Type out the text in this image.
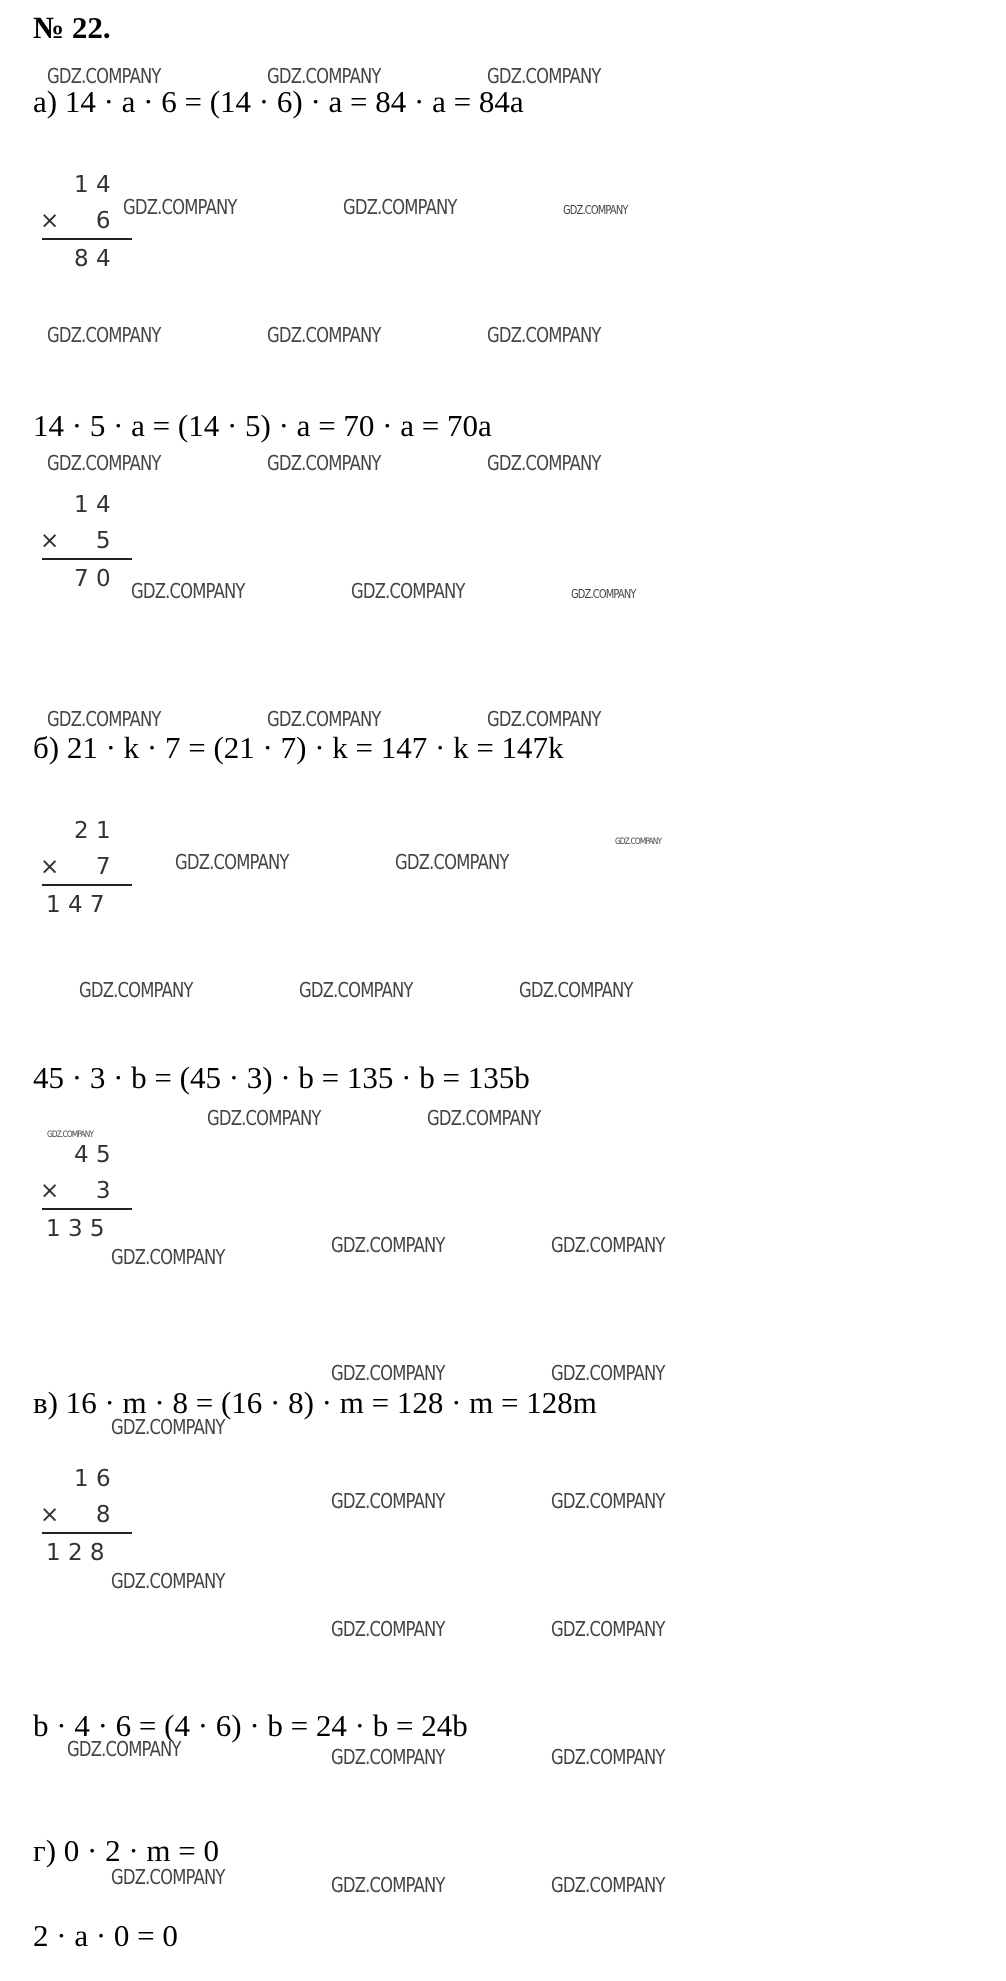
№ 22.
а) 14 · а · 6 = (14 · 6) · а = 84 · а = 84а
14 · 5 · а = (14 · 5) · а = 70 · а = 70а
б) 21 · k · 7 = (21 · 7) · k = 147 · k = 147k
45 · 3 · b = (45 · 3) · b = 135 · b = 135b
в) 16 · m · 8 = (16 · 8) · m = 128 · m = 128m
b · 4 · 6 = (4 · 6) · b = 24 · b = 24b
г) 0 · 2 · m = 0
2 · а · 0 = 0
1 4
×     6
8 4
1 4
×     5
7 0
2 1
×     7
1 4 7
4 5
×     3
1 3 5
1 6
×     8
1 2 8
GDZ.COMPANY	GDZ.COMPANY	GDZ.COMPANY
GDZ.COMPANY	GDZ.COMPANY	GDZ.COMPANY
GDZ.COMPANY	GDZ.COMPANY	GDZ.COMPANY
GDZ.COMPANY	GDZ.COMPANY	GDZ.COMPANY
GDZ.COMPANY	GDZ.COMPANY	GDZ.COMPANY
GDZ.COMPANY	GDZ.COMPANY	GDZ.COMPANY
GDZ.COMPANY	GDZ.COMPANY
GDZ.COMPANY
GDZ.COMPANY	GDZ.COMPANY	GDZ.COMPANY
GDZ.COMPANY	GDZ.COMPANY
GDZ.COMPANY
GDZ.COMPANY	GDZ.COMPANY	GDZ.COMPANY
GDZ.COMPANY	GDZ.COMPANY
GDZ.COMPANY
GDZ.COMPANY	GDZ.COMPANY
GDZ.COMPANY
GDZ.COMPANY	GDZ.COMPANY
GDZ.COMPANY	GDZ.COMPANY	GDZ.COMPANY
GDZ.COMPANY	GDZ.COMPANY	GDZ.COMPANY
